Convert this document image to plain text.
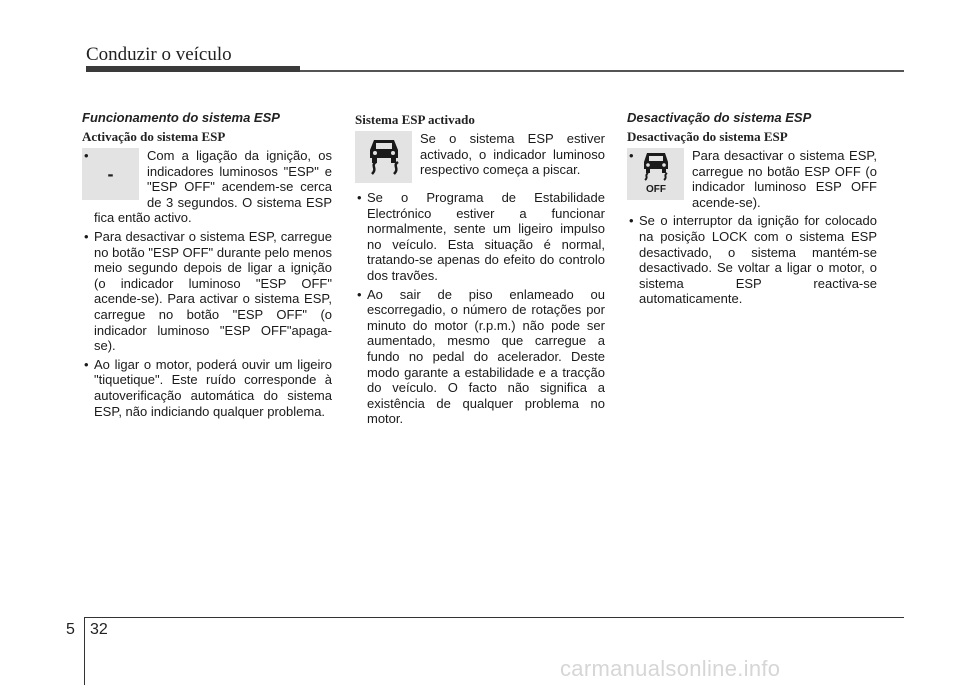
Conduzir o veículo
Funcionamento do sistema ESP
Activação do sistema ESP
-
• Com a ligação da ignição, os indicadores luminosos "ESP" e "ESP OFF" acendem-se cerca de 3 segundos. O sistema ESP fica então activo.
• Para desactivar o sistema ESP, carregue no botão "ESP OFF" durante pelo menos meio segundo depois de ligar a ignição (o indicador luminoso "ESP OFF" acende-se). Para activar o sistema ESP, carregue no botão "ESP OFF" (o indicador luminoso "ESP OFF"apaga-se).
• Ao ligar o motor, poderá ouvir um ligeiro "tiquetique". Este ruído corresponde à autoverificação automática do sistema ESP, não indiciando qualquer problema.
Sistema ESP activado

Se o sistema ESP estiver activado, o indicador luminoso respectivo começa a piscar.

• Se o Programa de Estabilidade Electrónico estiver a funcionar normalmente, sente um ligeiro impulso no veículo. Esta situação é normal, tratando-se apenas do efeito do controlo dos travões.
• Ao sair de piso enlameado ou escorregadio, o número de rotações por minuto do motor (r.p.m.) não pode ser aumentado, mesmo que carregue a fundo no pedal do acelerador. Deste modo garante a estabilidade e a tracção do veículo. O facto não significa a existência de qualquer problema no motor.
Desactivação do sistema ESP
Desactivação do sistema ESP
OFF
• Para desactivar o sistema ESP, carregue no botão ESP OFF (o indicador luminoso ESP OFF acende-se).
• Se o interruptor da ignição for colocado na posição LOCK com o sistema ESP desactivado, o sistema mantém-se desactivado. Se voltar a ligar o motor, o sistema ESP reactiva-se automaticamente.
5 32
carmanualsonline.info
